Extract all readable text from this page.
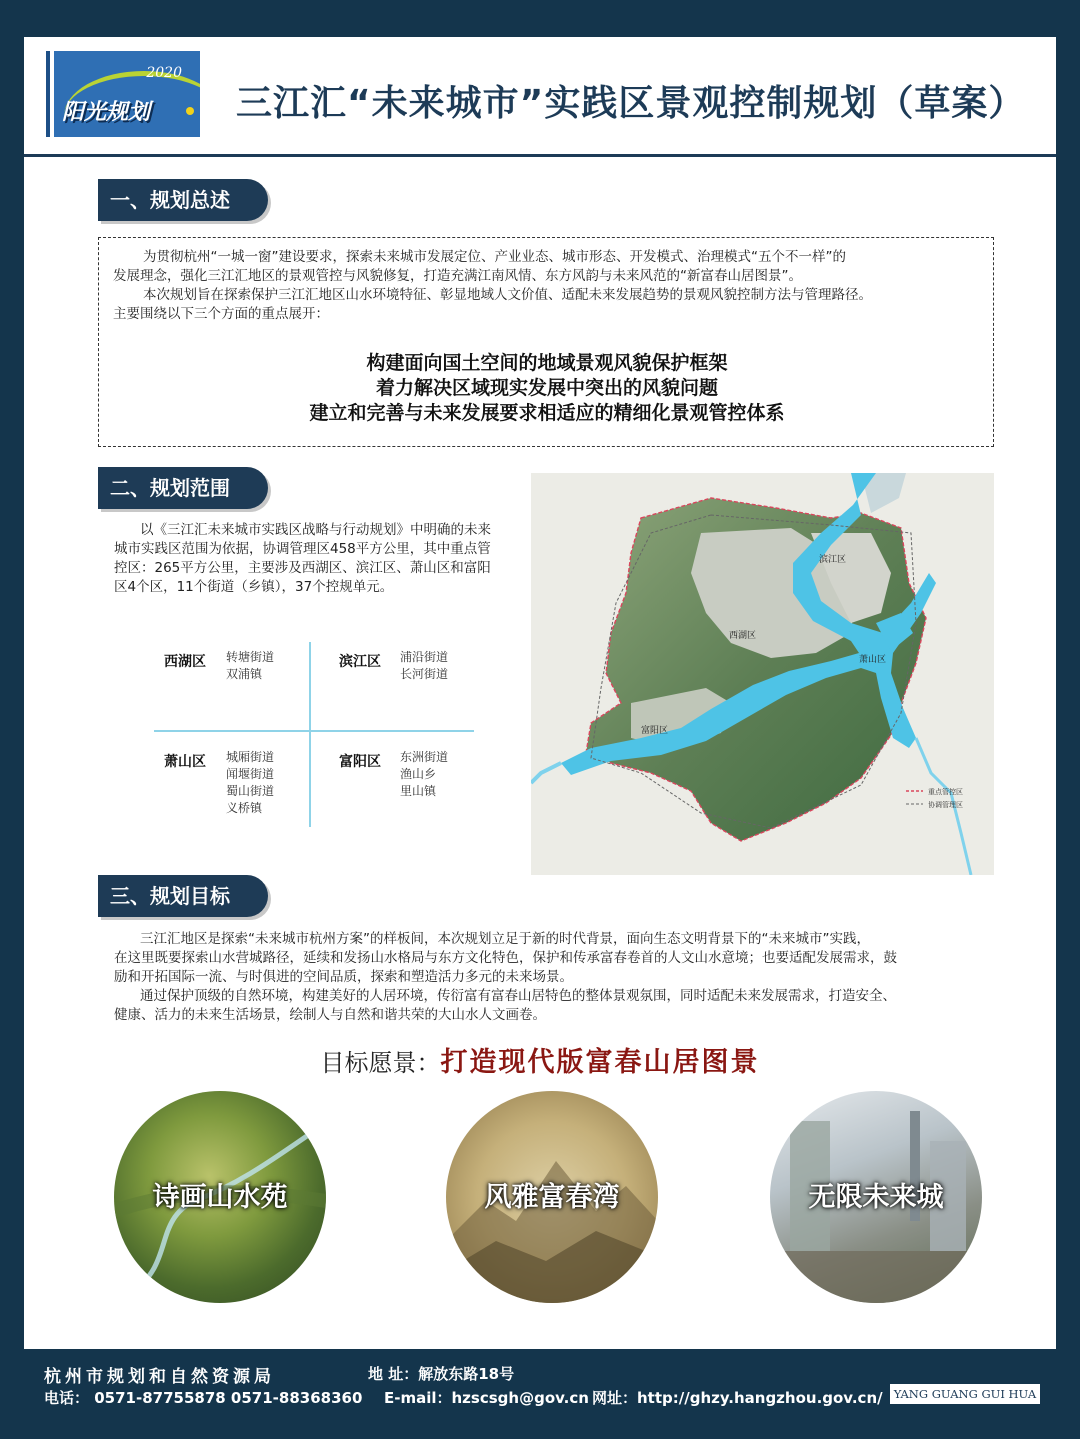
2020
阳光规划 三江汇“未来城市”实践区景观控制规划（草案）
一、规划总述
为贯彻杭州“一城一窗”建设要求，探索未来城市发展定位、产业业态、城市形态、开发模式、治理模式“五个不一样”的
发展理念，强化三江汇地区的景观管控与风貌修复，打造充满江南风情、东方风韵与未来风范的“新富春山居图景”。
本次规划旨在探索保护三江汇地区山水环境特征、彰显地域人文价值、适配未来发展趋势的景观风貌控制方法与管理路径。
主要围绕以下三个方面的重点展开：
构建面向国土空间的地域景观风貌保护框架
着力解决区域现实发展中突出的风貌问题
建立和完善与未来发展要求相适应的精细化景观管控体系
二、规划范围
以《三江汇未来城市实践区战略与行动规划》中明确的未来
城市实践区范围为依据，协调管理区458平方公里，其中重点管
控区：265平方公里，主要涉及西湖区、滨江区、萧山区和富阳
区4个区，11个街道（乡镇），37个控规单元。
西湖区 转塘街道
双浦镇
滨江区 浦沿街道
长河街道
萧山区 城厢街道
闻堰街道
蜀山街道
义桥镇
富阳区 东洲街道
渔山乡
里山镇
滨江区
西湖区
萧山区
富阳区
重点管控区
协调管理区
三、规划目标
三江汇地区是探索“未来城市杭州方案”的样板间，本次规划立足于新的时代背景，面向生态文明背景下的“未来城市”实践，
在这里既要探索山水营城路径，延续和发扬山水格局与东方文化特色，保护和传承富春卷首的人文山水意境；也要适配发展需求，鼓
励和开拓国际一流、与时俱进的空间品质，探索和塑造活力多元的未来场景。
通过保护顶级的自然环境，构建美好的人居环境，传衍富有富春山居特色的整体景观氛围，同时适配未来发展需求，打造安全、
健康、活力的未来生活场景，绘制人与自然和谐共荣的大山水人文画卷。
目标愿景：打造现代版富春山居图景
诗画山水苑	风雅富春湾	无限未来城
杭州市规划和自然资源局	地 址：解放东路18号
电话： 0571-87755878 0571-88368360 E-mail：hzscsgh@gov.cn 网址：http://ghzy.hangzhou.gov.cn/ YANG GUANG GUI HUA
